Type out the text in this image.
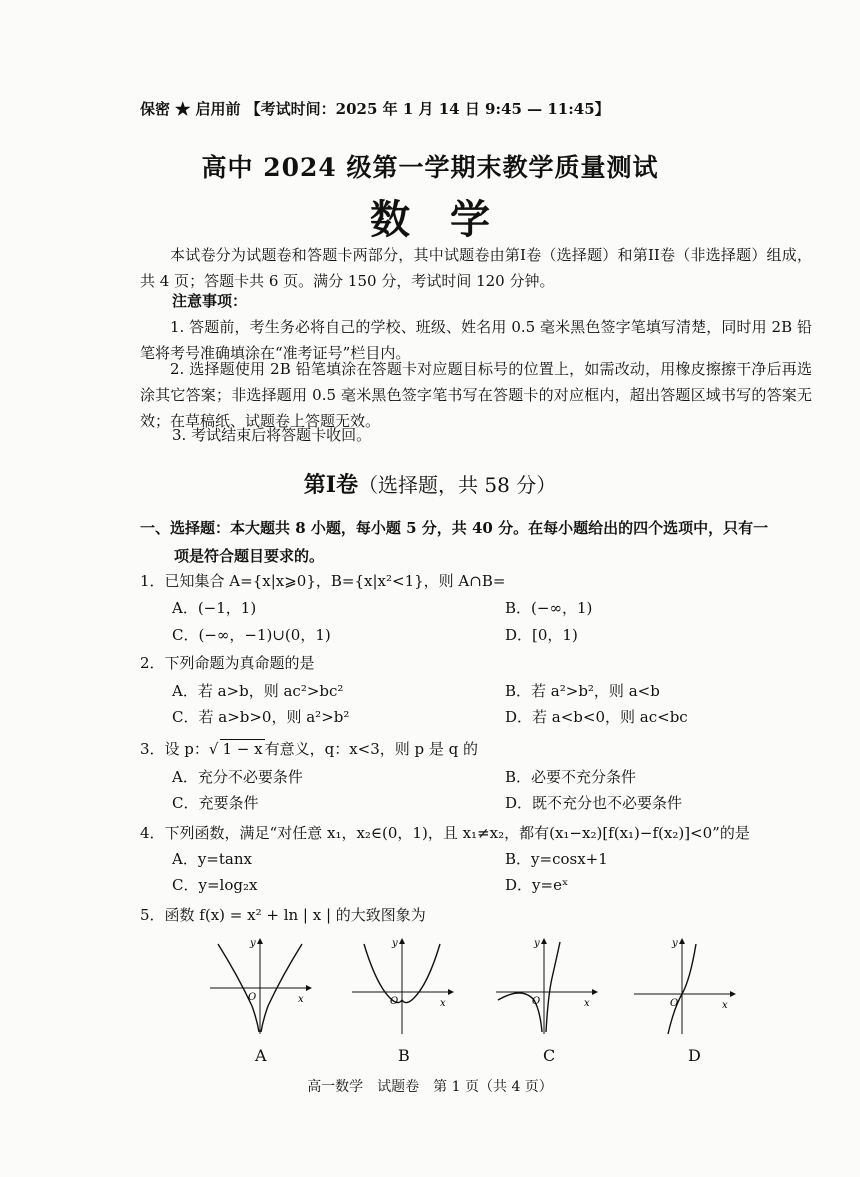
保密 ★ 启用前 【考试时间：2025 年 1 月 14 日 9:45 — 11:45】
高中 2024 级第一学期末教学质量测试
数学
本试卷分为试题卷和答题卡两部分，其中试题卷由第I卷（选择题）和第II卷（非选择题）组成，共 4 页；答题卡共 6 页。满分 150 分，考试时间 120 分钟。
注意事项：
1. 答题前，考生务必将自己的学校、班级、姓名用 0.5 毫米黑色签字笔填写清楚，同时用 2B 铅笔将考号准确填涂在“准考证号”栏目内。
2. 选择题使用 2B 铅笔填涂在答题卡对应题目标号的位置上，如需改动，用橡皮擦擦干净后再选涂其它答案；非选择题用 0.5 毫米黑色签字笔书写在答题卡的对应框内，超出答题区域书写的答案无效；在草稿纸、试题卷上答题无效。
3. 考试结束后将答题卡收回。
第I卷（选择题，共 58 分）
一、选择题：本大题共 8 小题，每小题 5 分，共 40 分。在每小题给出的四个选项中，只有一
项是符合题目要求的。
1．已知集合 A={x|x⩾0}，B={x|x²<1}，则 A∩B=
A．(−1，1)	B．(−∞，1)
C．(−∞，−1)∪(0，1)	D．[0，1)
2．下列命题为真命题的是
A．若 a>b，则 ac²>bc²	B．若 a²>b²，则 a<b
C．若 a>b>0，则 a²>b²	D．若 a<b<0，则 ac<bc
3．设 p：√ 1 − x 有意义，q：x<3，则 p 是 q 的
A．充分不必要条件	B．必要不充分条件
C．充要条件	D．既不充分也不必要条件
4．下列函数，满足“对任意 x₁，x₂∈(0，1)，且 x₁≠x₂，都有(x₁−x₂)[f(x₁)−f(x₂)]<0”的是
A．y=tanx	B．y=cosx+1
C．y=log₂x	D．y=eˣ
5．函数 f(x) = x² + ln | x | 的大致图象为
y
x
O
y
x
O
y
x
O
y
x
O
A	B	C	D
高一数学　试题卷　第 1 页（共 4 页）
